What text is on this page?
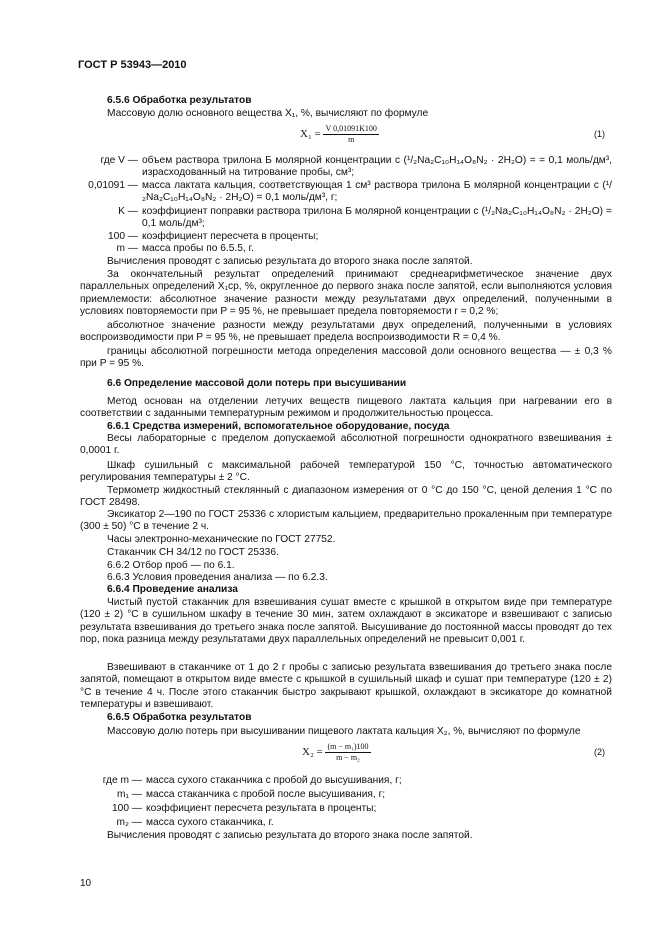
ГОСТ Р 53943—2010
6.5.6 Обработка результатов
Массовую долю основного вещества X₁, %, вычисляют по формуле
$X_1 = \frac{V 0,01091K100}{m}$	(1)
где V — объем раствора трилона Б молярной концентрации c (¹/₂Na₂C₁₀H₁₄O₈N₂ · 2H₂O) = = 0,1 моль/дм³, израсходованный на титрование пробы, см³;
0,01091 — масса лактата кальция, соответствующая 1 см³ раствора трилона Б молярной концентрации c (¹/₂Na₂C₁₀H₁₄O₈N₂ · 2H₂O) = 0,1 моль/дм³, г;
K — коэффициент поправки раствора трилона Б молярной концентрации c (¹/₂Na₂C₁₀H₁₄O₈N₂ · 2H₂O) = 0,1 моль/дм³;
100 — коэффициент пересчета в проценты;
m — масса пробы по 6.5.5, г.
Вычисления проводят с записью результата до второго знака после запятой.
За окончательный результат определений принимают среднеарифметическое значение двух параллельных определений X₁ср, %, округленное до первого знака после запятой, если выполняются условия приемлемости: абсолютное значение разности между результатами двух определений, полученными в условиях повторяемости при P = 95 %, не превышает предела повторяемости r = 0,2 %;
абсолютное значение разности между результатами двух определений, полученными в условиях воспроизводимости при P = 95 %, не превышает предела воспроизводимости R = 0,4 %.
границы абсолютной погрешности метода определения массовой доли основного вещества — ± 0,3 % при P = 95 %.
6.6 Определение массовой доли потерь при высушивании
Метод основан на отделении летучих веществ пищевого лактата кальция при нагревании его в соответствии с заданными температурным режимом и продолжительностью процесса.
6.6.1 Средства измерений, вспомогательное оборудование, посуда
Весы лабораторные с пределом допускаемой абсолютной погрешности однократного взвешивания ± 0,0001 г.
Шкаф сушильный с максимальной рабочей температурой 150 °С, точностью автоматического регулирования температуры ± 2 °С.
Термометр жидкостный стеклянный с диапазоном измерения от 0 °С до 150 °С, ценой деления 1 °С по ГОСТ 28498.
Эксикатор 2—190 по ГОСТ 25336 с хлористым кальцием, предварительно прокаленным при температуре (300 ± 50) °С в течение 2 ч.
Часы электронно-механические по ГОСТ 27752.
Стаканчик СН 34/12 по ГОСТ 25336.
6.6.2 Отбор проб — по 6.1.
6.6.3 Условия проведения анализа — по 6.2.3.
6.6.4 Проведение анализа
Чистый пустой стаканчик для взвешивания сушат вместе с крышкой в открытом виде при температуре (120 ± 2) °С в сушильном шкафу в течение 30 мин, затем охлаждают в эксикаторе и взвешивают с записью результата взвешивания до третьего знака после запятой. Высушивание до постоянной массы проводят до тех пор, пока разница между результатами двух параллельных определений не превысит 0,001 г.
Взвешивают в стаканчике от 1 до 2 г пробы с записью результата взвешивания до третьего знака после запятой, помещают в открытом виде вместе с крышкой в сушильный шкаф и сушат при температуре (120 ± 2) °С в течение 4 ч. После этого стаканчик быстро закрывают крышкой, охлаждают в эксикаторе до комнатной температуры и взвешивают.
6.6.5 Обработка результатов
Массовую долю потерь при высушивании пищевого лактата кальция X₂, %, вычисляют по формуле
$X_2 = \frac{\text{(m − m₁)100}}{\text{m − m₂}}$	(2)
где m — масса сухого стаканчика с пробой до высушивания, г;
m₁ — масса стаканчика с пробой после высушивания, г;
100 — коэффициент пересчета результата в проценты;
m₂ — масса сухого стаканчика, г.
Вычисления проводят с записью результата до второго знака после запятой.
10
